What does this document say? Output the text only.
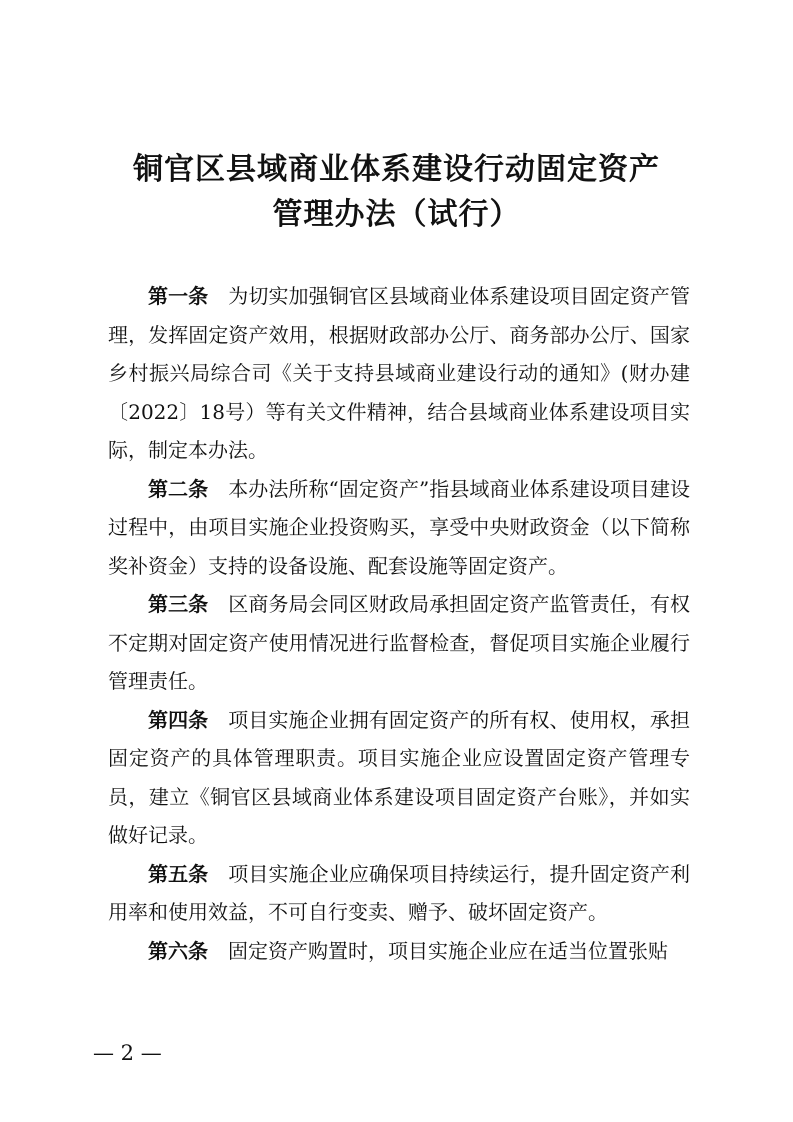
铜官区县域商业体系建设行动固定资产
管理办法（试行）

第一条 为切实加强铜官区县域商业体系建设项目固定资产管理，发挥固定资产效用，根据财政部办公厅、商务部办公厅、国家乡村振兴局综合司《关于支持县域商业建设行动的通知》(财办建〔2022〕18号）等有关文件精神，结合县域商业体系建设项目实际，制定本办法。

第二条 本办法所称“固定资产”指县域商业体系建设项目建设过程中，由项目实施企业投资购买，享受中央财政资金（以下简称奖补资金）支持的设备设施、配套设施等固定资产。

第三条 区商务局会同区财政局承担固定资产监管责任，有权不定期对固定资产使用情况进行监督检查，督促项目实施企业履行管理责任。

第四条 项目实施企业拥有固定资产的所有权、使用权，承担固定资产的具体管理职责。项目实施企业应设置固定资产管理专员，建立《铜官区县域商业体系建设项目固定资产台账》，并如实做好记录。

第五条 项目实施企业应确保项目持续运行，提升固定资产利用率和使用效益，不可自行变卖、赠予、破坏固定资产。

第六条 固定资产购置时，项目实施企业应在适当位置张贴

— 2 —
